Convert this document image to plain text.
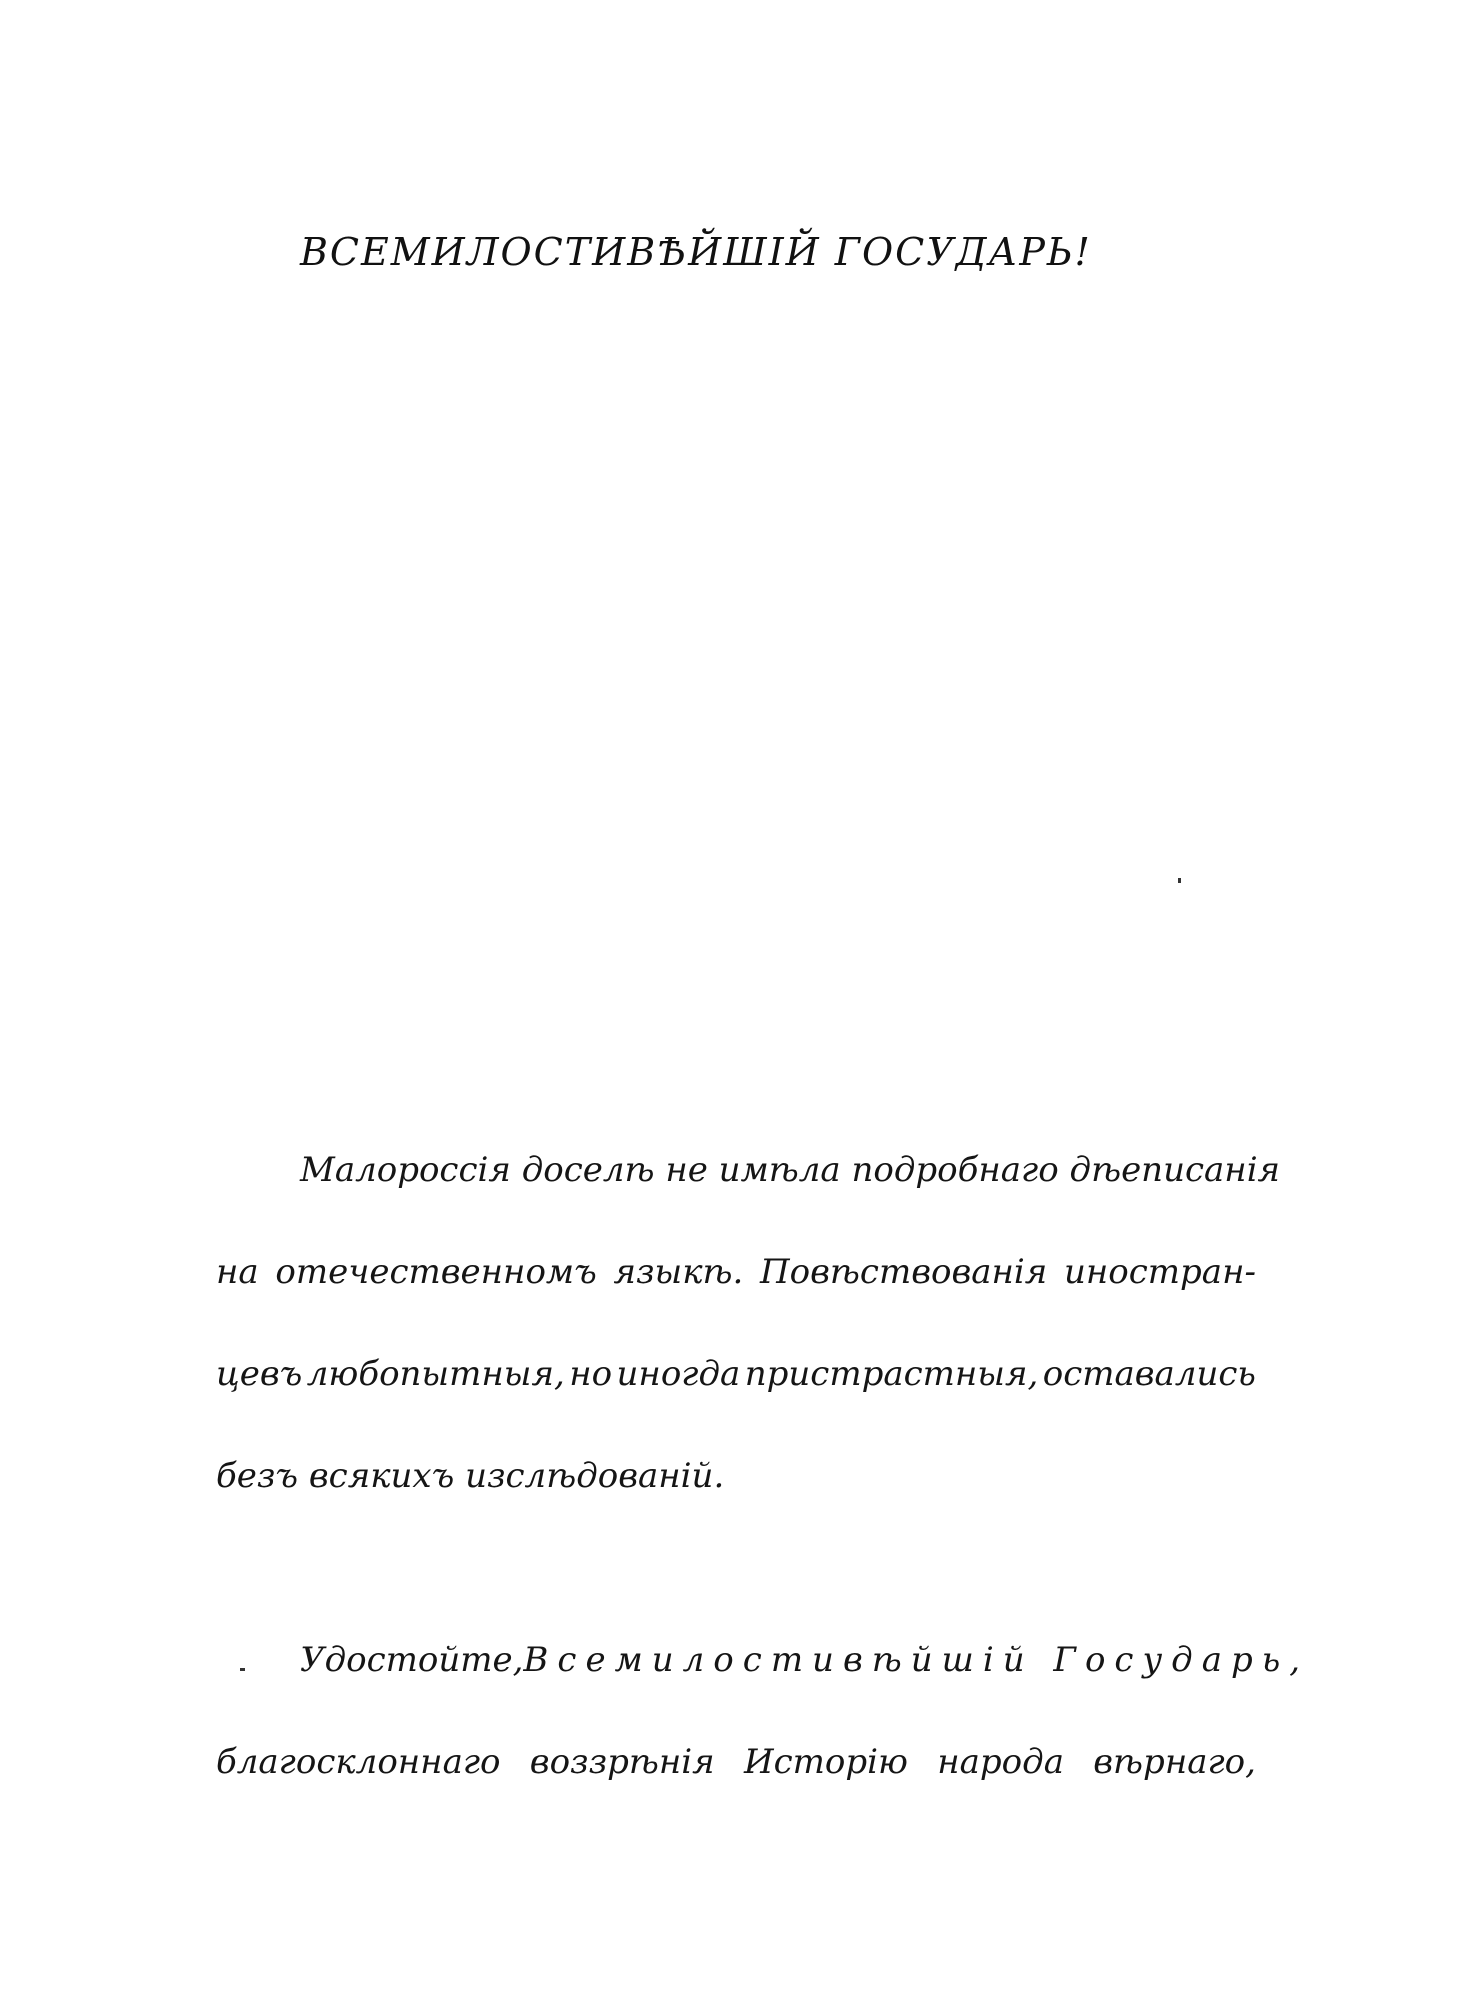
ВСЕМИЛОСТИВѢЙШІЙ ГОСУДАРЬ!
Малороссія доселѣ не имѣла подробнаго дѣеписанія
на отечественномъ языкѣ. Повѣствованія иностран-
цевъ любопытныя, но иногда пристрастныя, оставались
безъ всякихъ изслѣдованій.
Удостойте, Всемилостивѣйшій Государь,
благосклоннаго воззрѣнія Исторію народа вѣрнаго,
